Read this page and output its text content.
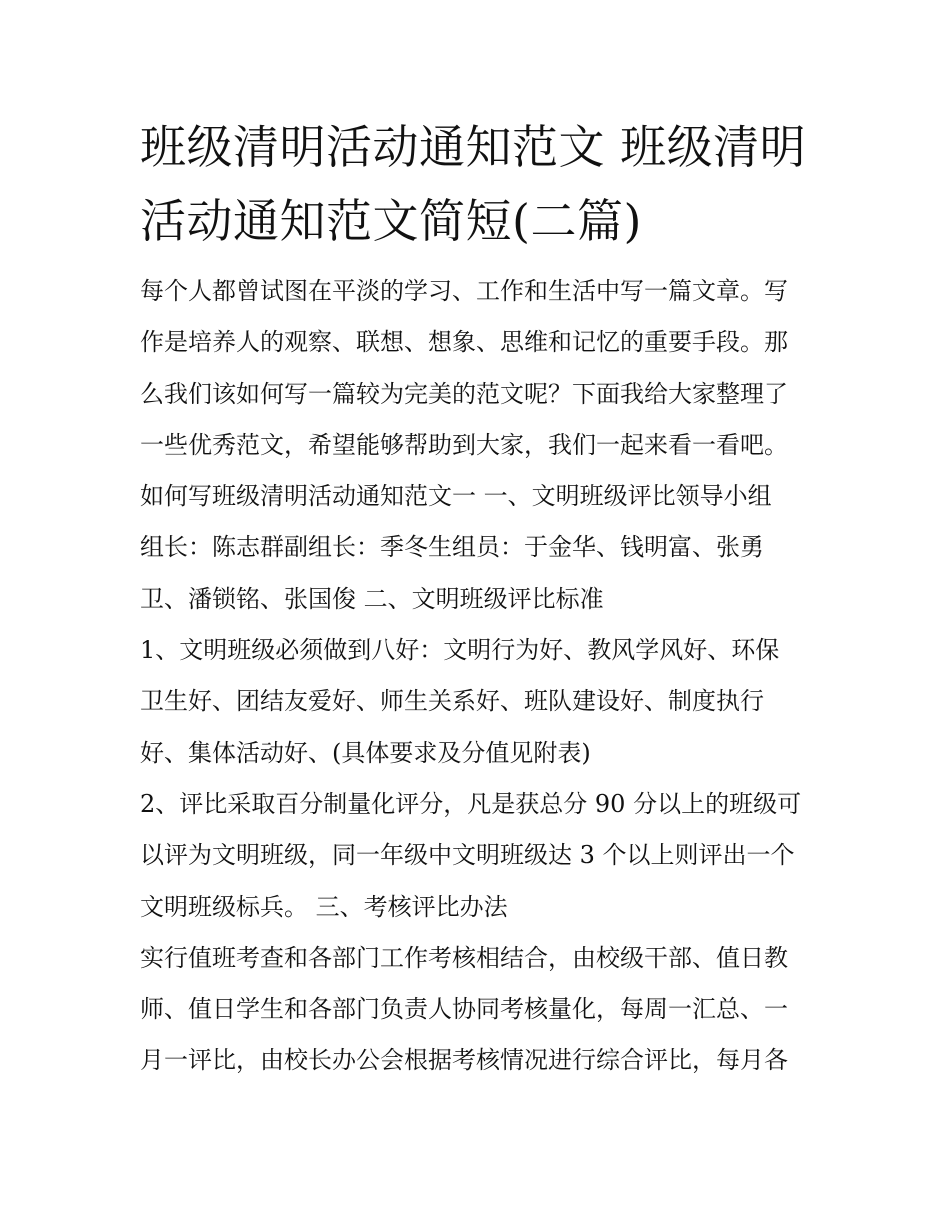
班级清明活动通知范文 班级清明活动通知范文简短(二篇)

每个人都曾试图在平淡的学习、工作和生活中写一篇文章。写

作是培养人的观察、联想、想象、思维和记忆的重要手段。那

么我们该如何写一篇较为完美的范文呢？下面我给大家整理了

一些优秀范文，希望能够帮助到大家，我们一起来看一看吧。

如何写班级清明活动通知范文一 一、文明班级评比领导小组

组长：陈志群副组长：季冬生组员：于金华、钱明富、张勇

卫、潘锁铭、张国俊 二、文明班级评比标准

1、文明班级必须做到八好：文明行为好、教风学风好、环保

卫生好、团结友爱好、师生关系好、班队建设好、制度执行

好、集体活动好、(具体要求及分值见附表)

2、评比采取百分制量化评分，凡是获总分 90 分以上的班级可

以评为文明班级，同一年级中文明班级达 3 个以上则评出一个

文明班级标兵。 三、考核评比办法

实行值班考查和各部门工作考核相结合，由校级干部、值日教

师、值日学生和各部门负责人协同考核量化，每周一汇总、一

月一评比，由校长办公会根据考核情况进行综合评比，每月各
